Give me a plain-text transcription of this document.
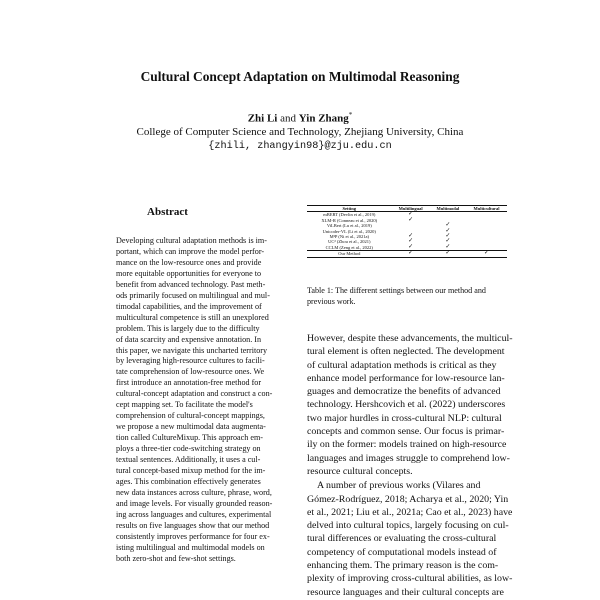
Cultural Concept Adaptation on Multimodal Reasoning
Zhi Li and Yin Zhang*
College of Computer Science and Technology, Zhejiang University, China
{zhili, zhangyin98}@zju.edu.cn
Abstract
Developing cultural adaptation methods is im-
portant, which can improve the model perfor-
mance on the low-resource ones and provide
more equitable opportunities for everyone to
benefit from advanced technology. Past meth-
ods primarily focused on multilingual and mul-
timodal capabilities, and the improvement of
multicultural competence is still an unexplored
problem. This is largely due to the difficulty
of data scarcity and expensive annotation. In
this paper, we navigate this uncharted territory
by leveraging high-resource cultures to facili-
tate comprehension of low-resource ones. We
first introduce an annotation-free method for
cultural-concept adaptation and construct a con-
cept mapping set. To facilitate the model's
comprehension of cultural-concept mappings,
we propose a new multimodal data augmenta-
tion called CultureMixup. This approach em-
ploys a three-tier code-switching strategy on
textual sentences. Additionally, it uses a cul-
tural concept-based mixup method for the im-
ages. This combination effectively generates
new data instances across culture, phrase, word,
and image levels. For visually grounded reason-
ing across languages and cultures, experimental
results on five languages show that our method
consistently improves performance for four ex-
isting multilingual and multimodal models on
both zero-shot and few-shot settings.
Setting	Multilingual	Multimodal	Multicultural
mBERT (Devlin et al., 2019)	✓		
XLM-R (Conneau et al., 2020)	✓		
ViLBert (Lu et al., 2019)		✓	
Unicoder-VL (Li et al., 2020)		✓	
M³P (Ni et al., 2021a)	✓	✓	
UC² (Zhou et al., 2021)	✓	✓	
CCLM (Zeng et al., 2022)	✓	✓	
Our Method	✓	✓	✓
Table 1: The different settings between our method and
previous work.

However, despite these advancements, the multicul-
tural element is often neglected. The development
of cultural adaptation methods is critical as they
enhance model performance for low-resource lan-
guages and democratize the benefits of advanced
technology. Hershcovich et al. (2022) underscores
two major hurdles in cross-cultural NLP: cultural
concepts and common sense. Our focus is primar-
ily on the former: models trained on high-resource
languages and images struggle to comprehend low-
resource cultural concepts.

A number of previous works (Vilares and
Gómez-Rodríguez, 2018; Acharya et al., 2020; Yin
et al., 2021; Liu et al., 2021a; Cao et al., 2023) have
delved into cultural topics, largely focusing on cul-
tural differences or evaluating the cross-cultural
competency of computational models instead of
enhancing them. The primary reason is the com-
plexity of improving cross-cultural abilities, as low-
resource languages and their cultural concepts are
